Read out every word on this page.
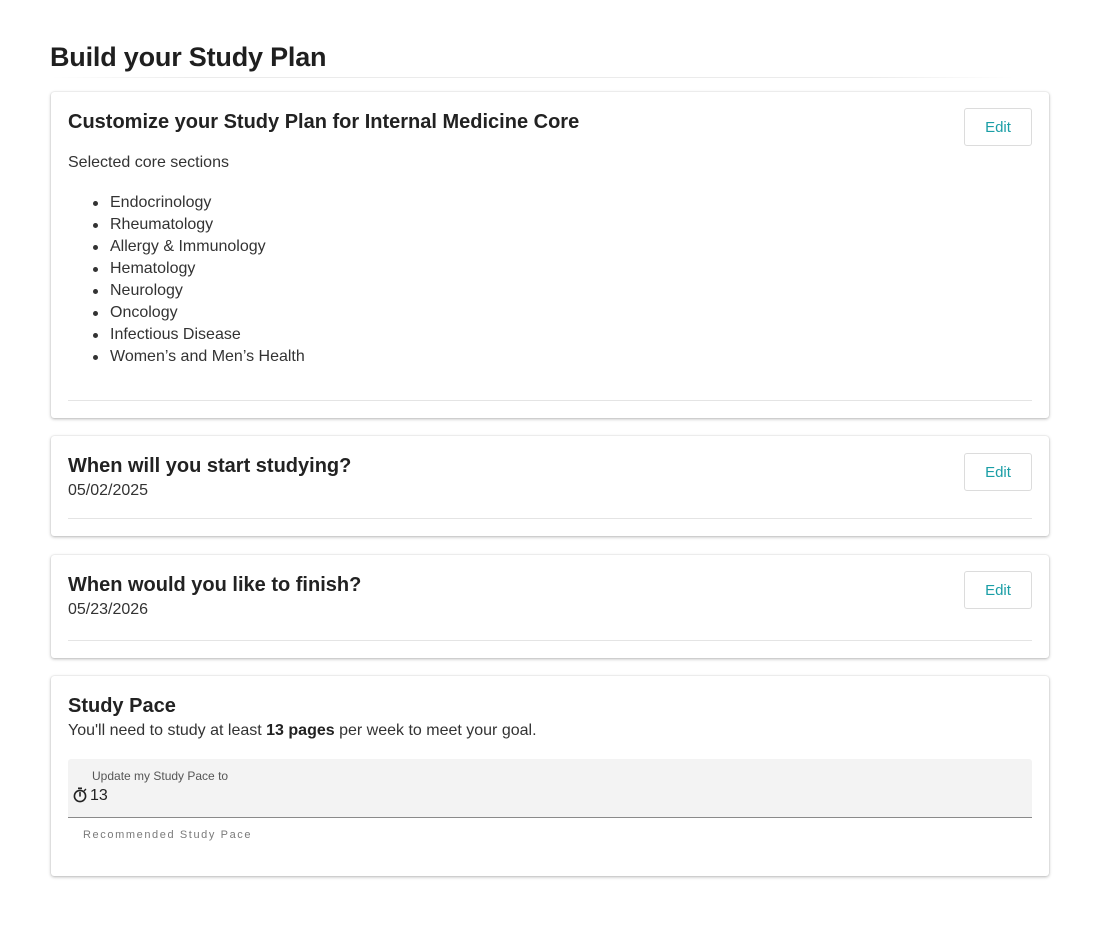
Build your Study Plan
Customize your Study Plan for Internal Medicine Core	Edit
Selected core sections
Endocrinology
Rheumatology
Allergy & Immunology
Hematology
Neurology
Oncology
Infectious Disease
Women’s and Men’s Health
When will you start studying?	Edit
05/02/2025
When would you like to finish?	Edit
05/23/2026
Study Pace
You'll need to study at least 13 pages per week to meet your goal.
Update my Study Pace to
13
Recommended Study Pace
